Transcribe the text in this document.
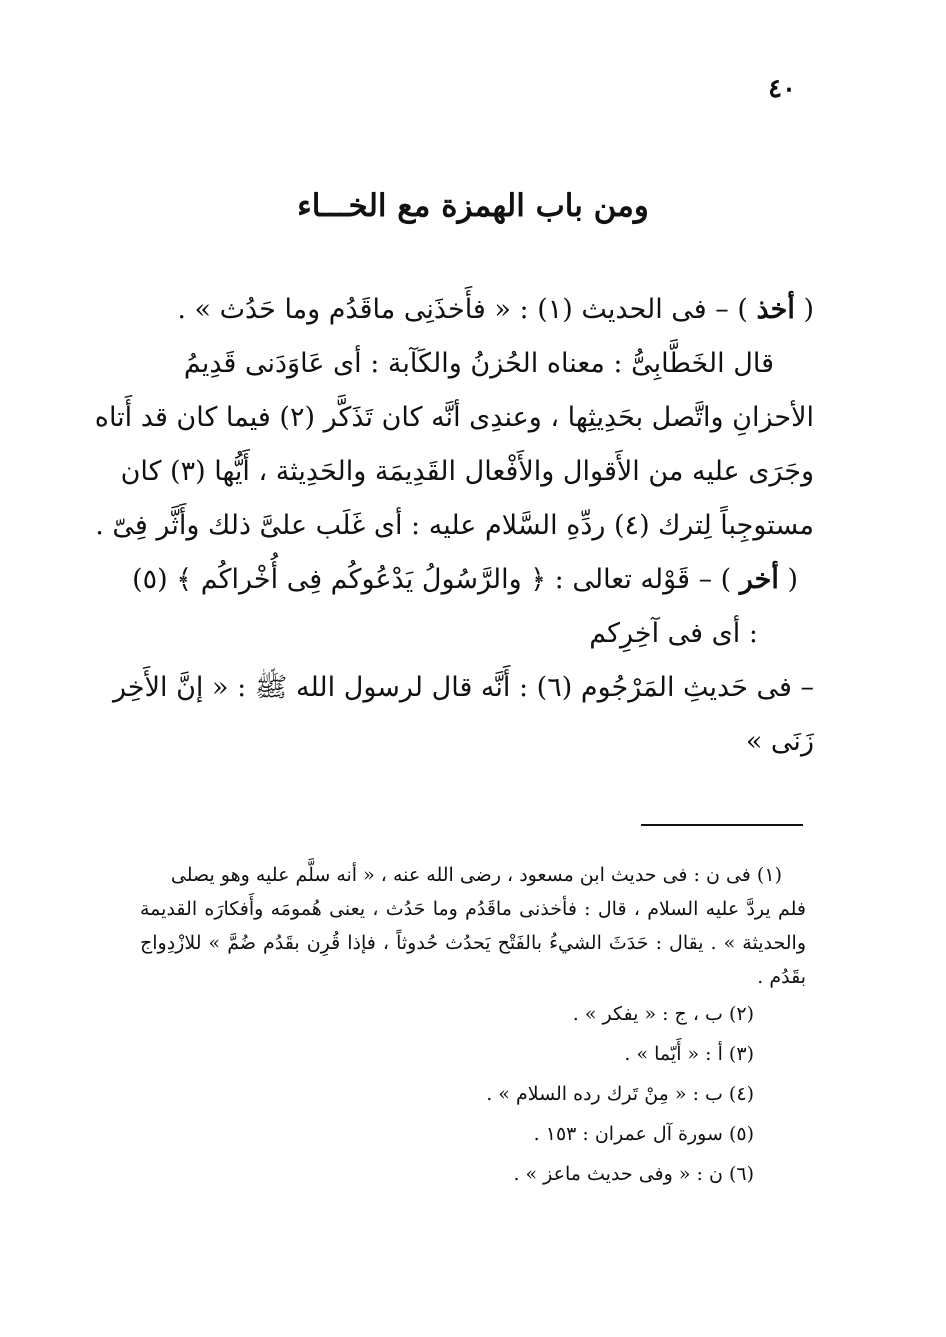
٤٠
ومن باب الهمزة مع الخـــاء
( أخذ ) – فى الحديث (١) : « فأَخذَنِى ماقَدُم وما حَدُث » .
قال الخَطَّابِىُّ : معناه الحُزنُ والكَآبة : أى عَاوَدَنى قَدِيمُ
الأحزانِ واتَّصل بحَدِيثِها ، وعندِى أنَّه كان تَذَكَّر (٢) فيما كان قد أَتاه
وجَرَى عليه من الأَقوال والأَفْعال القَدِيمَة والحَدِيثة ، أَيُّها (٣) كان
مستوجِباً لِترك (٤) ردِّهِ السَّلام عليه : أى غَلَب علىَّ ذلك وأَثَّر فِىّ .
( أخر ) – قَوْله تعالى : ﴿ والرَّسُولُ يَدْعُوكُم فِى أُخْراكُم ﴾ (٥)
: أى فى آخِرِكم
– فى حَديثِ المَرْجُوم (٦) : أَنَّه قال لرسول الله ﷺ : « إنَّ الأَخِر
زَنَى »
(١) فى ن : فى حديث ابن مسعود ، رضى الله عنه ، « أنه سلَّم عليه وهو يصلى
فلم يردَّ عليه السلام ، قال : فأخذنى ماقَدُم وما حَدُث ، يعنى هُمومَه وأَفكارَه القديمة
والحديثة » . يقال : حَدَثَ الشيءُ بالفَتْح يَحدُث حُدوثاً ، فإذا قُرِن بقَدُم ضُمَّ » للازْدِواج
بقَدُم .
(٢) ب ، ج : « يفكر » .
(٣) أ : « أَيّما » .
(٤) ب : « مِنْ تَرك رده السلام » .
(٥) سورة آل عمران : ١٥٣ .
(٦) ن : « وفى حديث ماعز » .
